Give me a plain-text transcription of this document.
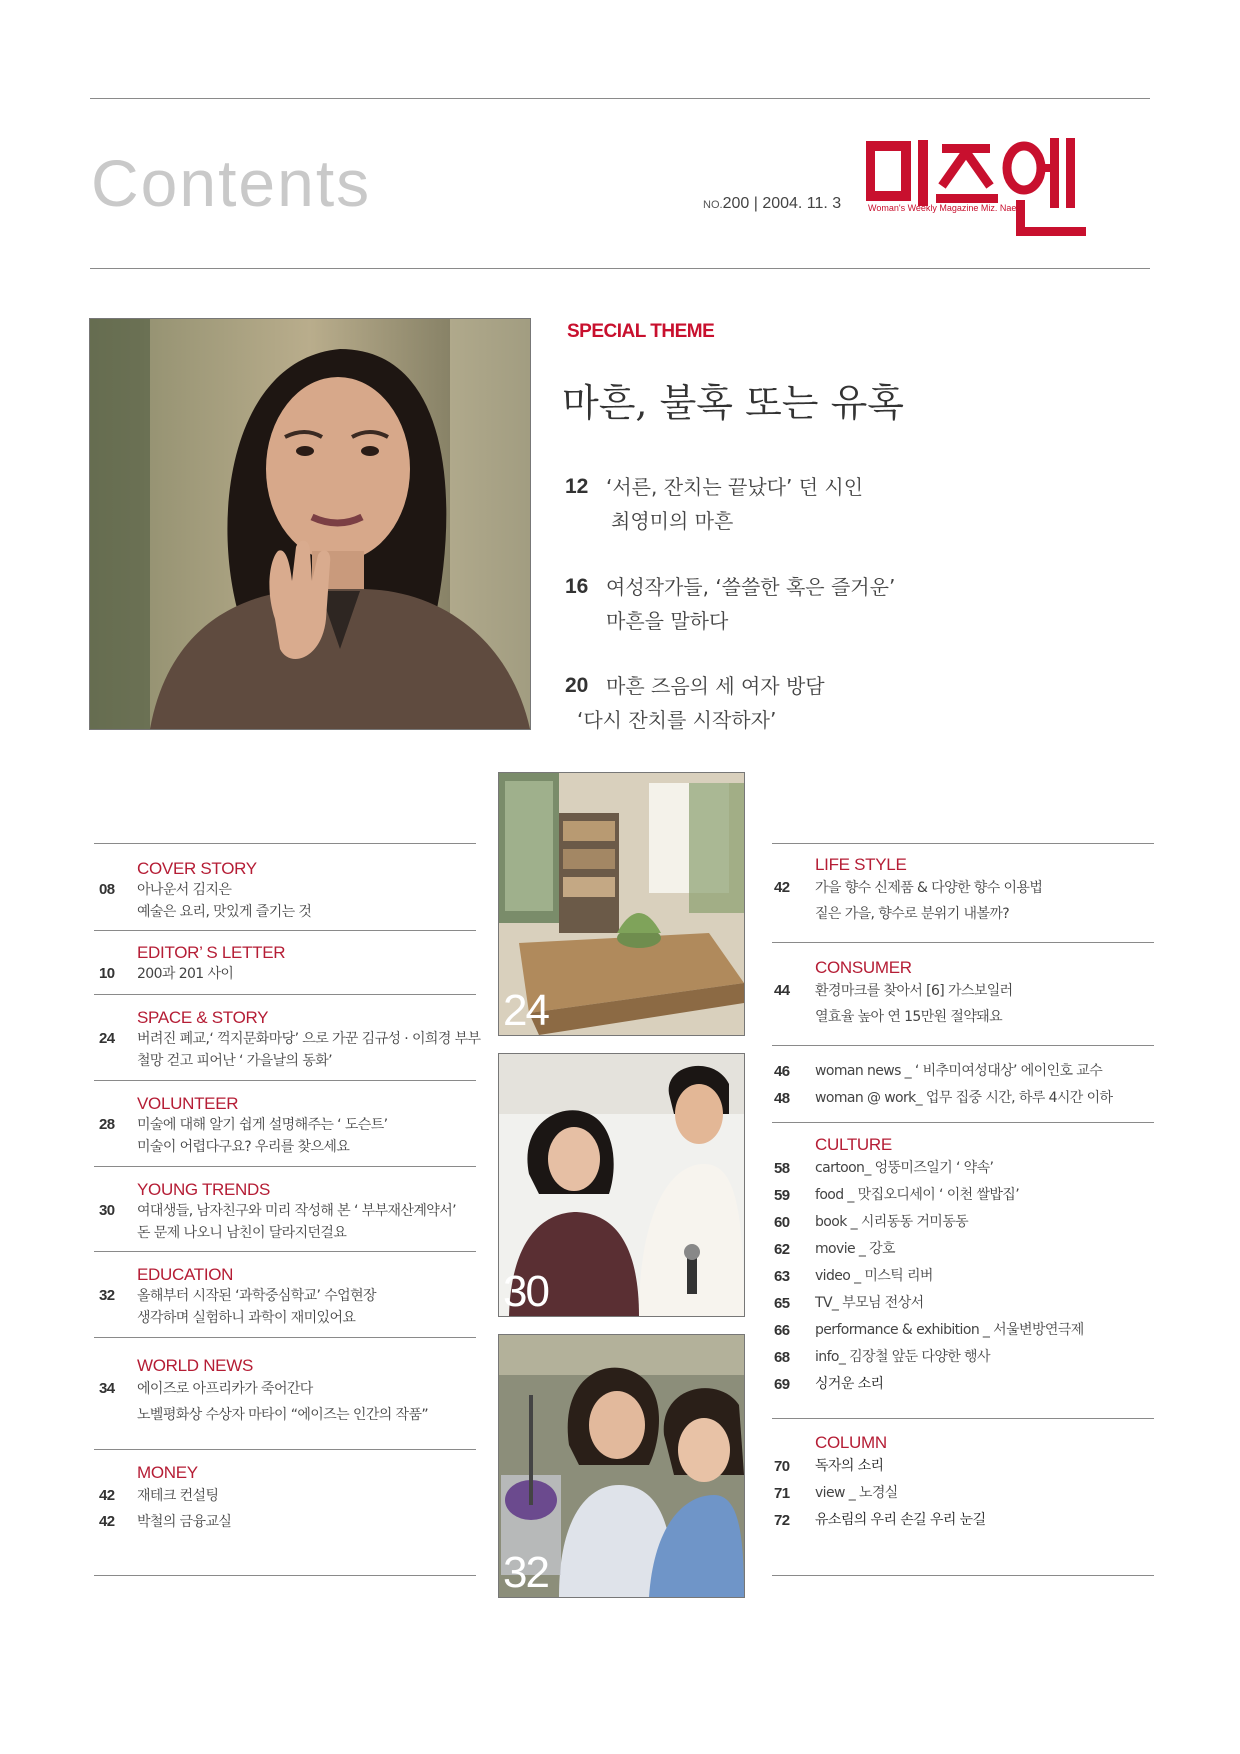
Contents	NO.200 | 2004. 11. 3	Woman's Weekly Magazine Miz. Naeil
SPECIAL THEME
마흔, 불혹 또는 유혹
12 ‘서른, 잔치는 끝났다’ 던 시인
최영미의 마흔
16 여성작가들, ‘쓸쓸한 혹은 즐거운’
마흔을 말하다
20 마흔 즈음의 세 여자 방담
‘다시 잔치를 시작하자’
24
30
32
COVER STORY
08 아나운서 김지은
예술은 요리, 맛있게 즐기는 것
EDITOR’ S LETTER
10 200과 201 사이
SPACE & STORY
24 버려진 폐교,‘ 꺽지문화마당’ 으로 가꾼 김규성 · 이희경 부부
철망 걷고 피어난 ‘ 가을날의 동화’
VOLUNTEER
28 미술에 대해 알기 쉽게 설명해주는 ‘ 도슨트’
미술이 어렵다구요? 우리를 찾으세요
YOUNG TRENDS
30 여대생들, 남자친구와 미리 작성해 본 ‘ 부부재산계약서’
돈 문제 나오니 남친이 달라지던걸요
EDUCATION
32 올해부터 시작된 ‘과학중심학교’ 수업현장
생각하며 실험하니 과학이 재미있어요
WORLD NEWS
34 에이즈로 아프리카가 죽어간다
노벨평화상 수상자 마타이 “에이즈는 인간의 작품”
MONEY
42 재테크 컨설팅
42 박철의 금융교실
LIFE STYLE
42 가을 향수 신제품 & 다양한 향수 이용법
짙은 가을, 향수로 분위기 내볼까?
CONSUMER
44 환경마크를 찾아서 [6] 가스보일러
열효율 높아 연 15만원 절약돼요
46 woman news _ ‘ 비추미여성대상’ 에이인호 교수
48 woman @ work_ 업무 집중 시간, 하루 4시간 이하
CULTURE
58 cartoon_ 엉뚱미즈일기 ‘ 약속’
59 food _ 맛집오디세이 ‘ 이천 쌀밥집’
60 book _ 시리동동 거미동동
62 movie _ 강호
63 video _ 미스틱 리버
65 TV_ 부모님 전상서
66 performance & exhibition _ 서울변방연극제
68 info_ 김장철 앞둔 다양한 행사
69 싱거운 소리
COLUMN
70 독자의 소리
71 view _ 노경실
72 유소림의 우리 손길 우리 눈길
